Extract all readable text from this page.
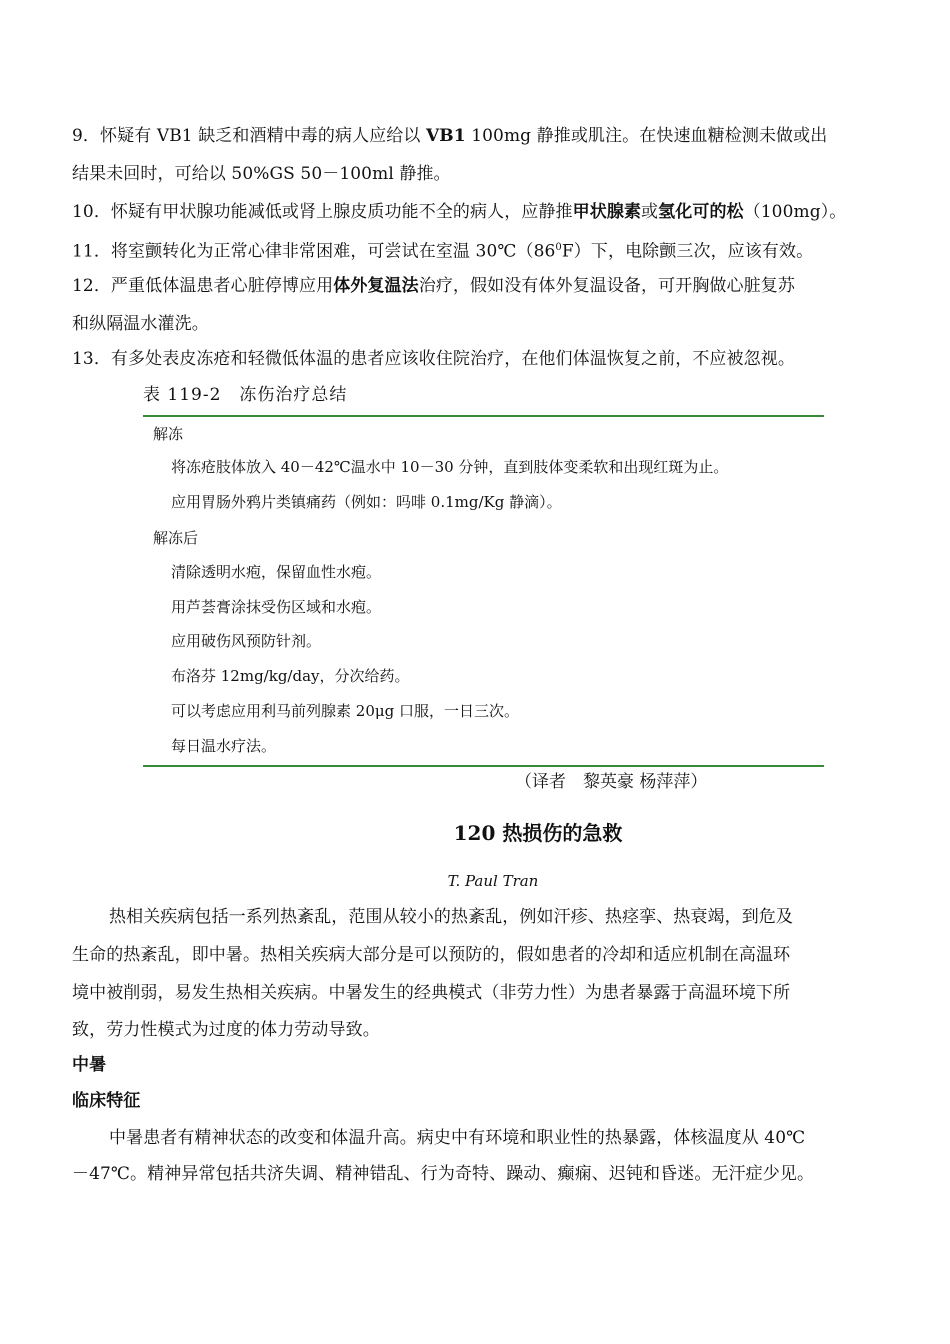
9．怀疑有 VB1 缺乏和酒精中毒的病人应给以 VB1 100mg 静推或肌注。在快速血糖检测未做或出
结果未回时，可给以 50%GS 50－100ml 静推。
10．怀疑有甲状腺功能减低或肾上腺皮质功能不全的病人，应静推甲状腺素或氢化可的松（100mg）。
11．将室颤转化为正常心律非常困难，可尝试在室温 $30℃(86^0F)$下，电除颤三次，应该有效。
12．严重低体温患者心脏停博应用体外复温法治疗，假如没有体外复温设备，可开胸做心脏复苏
和纵隔温水灌洗。
13．有多处表皮冻疮和轻微低体温的患者应该收住院治疗，在他们体温恢复之前，不应被忽视。
表 119-2 冻伤治疗总结
解冻
将冻疮肢体放入 40－42℃温水中 10－30 分钟，直到肢体变柔软和出现红斑为止。
应用胃肠外鸦片类镇痛药（例如：吗啡 0.1mg/Kg 静滴）。
解冻后
清除透明水疱，保留血性水疱。
用芦荟膏涂抹受伤区域和水疱。
应用破伤风预防针剂。
布洛芬 12mg/kg/day，分次给药。
可以考虑应用利马前列腺素 20μg 口服，一日三次。
每日温水疗法。
（译者　黎英豪 杨萍萍）
120 热损伤的急救
T. Paul Tran
热相关疾病包括一系列热紊乱，范围从较小的热紊乱，例如汗疹、热痉挛、热衰竭，到危及
生命的热紊乱，即中暑。热相关疾病大部分是可以预防的，假如患者的冷却和适应机制在高温环
境中被削弱，易发生热相关疾病。中暑发生的经典模式（非劳力性）为患者暴露于高温环境下所
致，劳力性模式为过度的体力劳动导致。
中暑
临床特征
中暑患者有精神状态的改变和体温升高。病史中有环境和职业性的热暴露，体核温度从 40℃
－47℃。精神异常包括共济失调、精神错乱、行为奇特、躁动、癫痫、迟钝和昏迷。无汗症少见。
